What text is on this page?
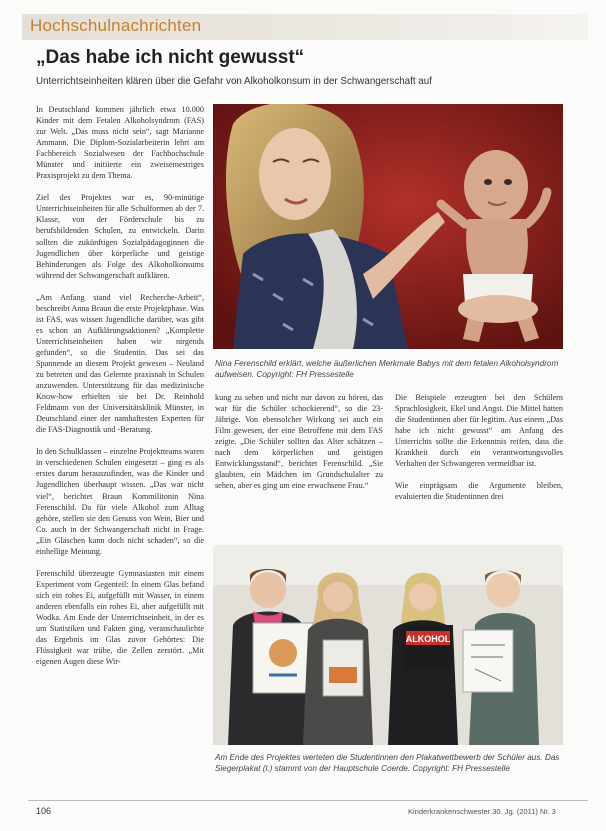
Hochschulnachrichten
„Das habe ich nicht gewusst“
Unterrichtseinheiten klären über die Gefahr von Alkoholkonsum in der Schwangerschaft auf

In Deutschland kommen jährlich etwa 10.000 Kinder mit dem Fetalen Alkoholsyndrom (FAS) zur Welt. „Das muss nicht sein“, sagt Marianne Ammann. Die Diplom-Sozialarbeiterin lehrt am Fachbereich Sozialwesen der Fachhochschule Münster und initiierte ein zweisemestriges Praxisprojekt zu dem Thema.

Ziel des Projektes war es, 90-minütige Unterrichtseinheiten für alle Schulformen ab der 7. Klasse, von der Förderschule bis zu berufsbildenden Schulen, zu entwickeln. Darin sollten die zukünftigen Sozialpädagoginnen die Jugendlichen über körperliche und geistige Behinderungen als Folge des Alkoholkonsums während der Schwangerschaft aufklären.

„Am Anfang stand viel Recherche-Arbeit“, beschreibt Anna Braun die erste Projektphase. Was ist FAS, was wissen Jugendliche darüber, was gibt es schon an Aufklärungsaktionen? „Komplette Unterrichtseinheiten haben wir nirgends gefunden“, so die Studentin. Das sei das Spannende an diesem Projekt gewesen – Neuland zu betreten und das Gelernte praxisnah in Schulen anzuwenden. Unterstützung für das medizinische Know-how erhielten sie bei Dr. Reinhold Feldmann von der Universitätsklinik Münster, in Deutschland einer der namhaftesten Experten für die FAS-Diagnostik und -Beratung.

In den Schulklassen – einzelne Projektteams waren in verschiedenen Schulen eingesetzt – ging es als erstes darum herauszufinden, was die Kinder und Jugendlichen überhaupt wissen. „Das war nicht viel“, berichtet Braun Kommilitonin Nina Ferenschild. Da für viele Alkohol zum Alltag gehöre, stellen sie den Genuss von Wein, Bier und Co. auch in der Schwangerschaft nicht in Frage. „Ein Gläschen kann doch nicht schaden“, so die einhellige Meinung.

Ferenschild überzeugte Gymnasiasten mit einem Experiment vom Gegenteil: In einem Glas befand sich ein rohes Ei, aufgefüllt mit Wasser, in einem anderen ebenfalls ein rohes Ei, aber aufgefüllt mit Wodka. Am Ende der Unterrichtseinheit, in der es um Statistiken und Fakten ging, veranschaulichte das Ergebnis im Glas zuvor Gehörtes: Die Flüssigkeit war trübe, die Zellen zerstört. „Mit eigenen Augen diese Wir-

Nina Ferenschild erklärt, welche äußerlichen Merkmale Babys mit dem fetalen Alkoholsyndrom aufweisen. Copyright: FH Pressestelle

kung zu sehen und nicht nur davon zu hören, das war für die Schüler schockierend“, so die 23-Jährige. Von ebensolcher Wirkung sei auch ein Film gewesen, der eine Betroffene mit dem FAS zeigte. „Die Schüler sollten das Alter schätzen – nach dem körperlichen und geistigen Entwicklungsstand“, berichtet Ferenschild. „Sie glaubten, ein Mädchen im Grundschulalter zu sehen, aber es ging um eine erwachsene Frau.“

Die Beispiele erzeugten bei den Schülern Sprachlosigkeit, Ekel und Angst. Die Mittel hatten die Studentinnen aber für legitim. Aus einem „Das habe ich nicht gewusst“ am Anfang des Unterrichts sollte die Erkenntnis reifen, dass die Krankheit durch ein verantwortungsvolles Verhalten der Schwangeren vermeidbar ist.

Wie einprägsam die Argumente bleiben, evaluierten die Studentinnen drei

ALKOHOL
Am Ende des Projektes werteten die Studentinnen den Plakatwettbewerb der Schüler aus. Das Siegerplakat (l.) stammt von der Hauptschule Coerde. Copyright: FH Pressestelle
106	Kinderkrankenschwester 30. Jg. (2011) Nr. 3
